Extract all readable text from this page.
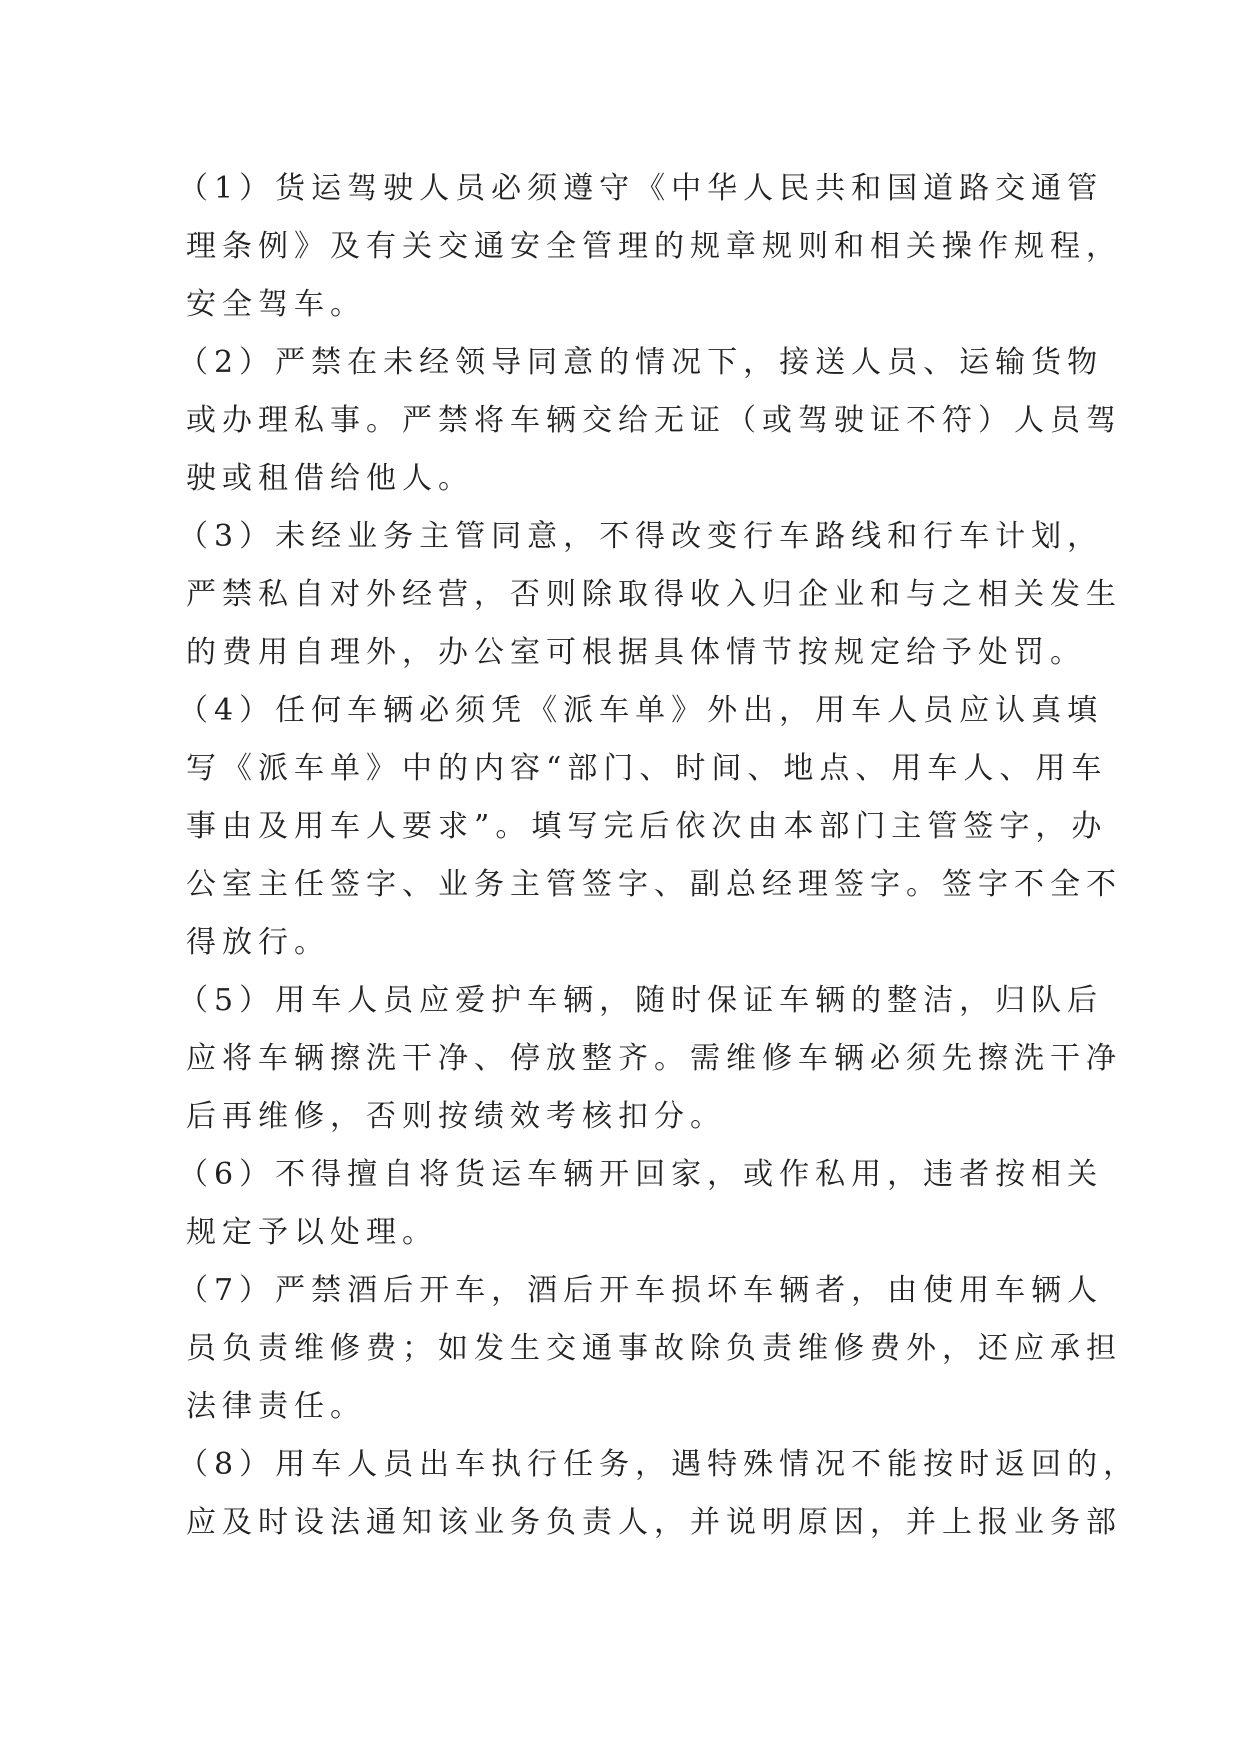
（1）货运驾驶人员必须遵守《中华人民共和国道路交通管
理条例》及有关交通安全管理的规章规则和相关操作规程，
安全驾车。
（2）严禁在未经领导同意的情况下，接送人员、运输货物
或办理私事。严禁将车辆交给无证（或驾驶证不符）人员驾
驶或租借给他人。
（3）未经业务主管同意，不得改变行车路线和行车计划，
严禁私自对外经营，否则除取得收入归企业和与之相关发生
的费用自理外，办公室可根据具体情节按规定给予处罚。
（4）任何车辆必须凭《派车单》外出，用车人员应认真填
写《派车单》中的内容“部门、时间、地点、用车人、用车
事由及用车人要求”。填写完后依次由本部门主管签字，办
公室主任签字、业务主管签字、副总经理签字。签字不全不
得放行。
（5）用车人员应爱护车辆，随时保证车辆的整洁，归队后
应将车辆擦洗干净、停放整齐。需维修车辆必须先擦洗干净
后再维修，否则按绩效考核扣分。
（6）不得擅自将货运车辆开回家，或作私用，违者按相关
规定予以处理。
（7）严禁酒后开车，酒后开车损坏车辆者，由使用车辆人
员负责维修费；如发生交通事故除负责维修费外，还应承担
法律责任。
（8）用车人员出车执行任务，遇特殊情况不能按时返回的，
应及时设法通知该业务负责人，并说明原因，并上报业务部
